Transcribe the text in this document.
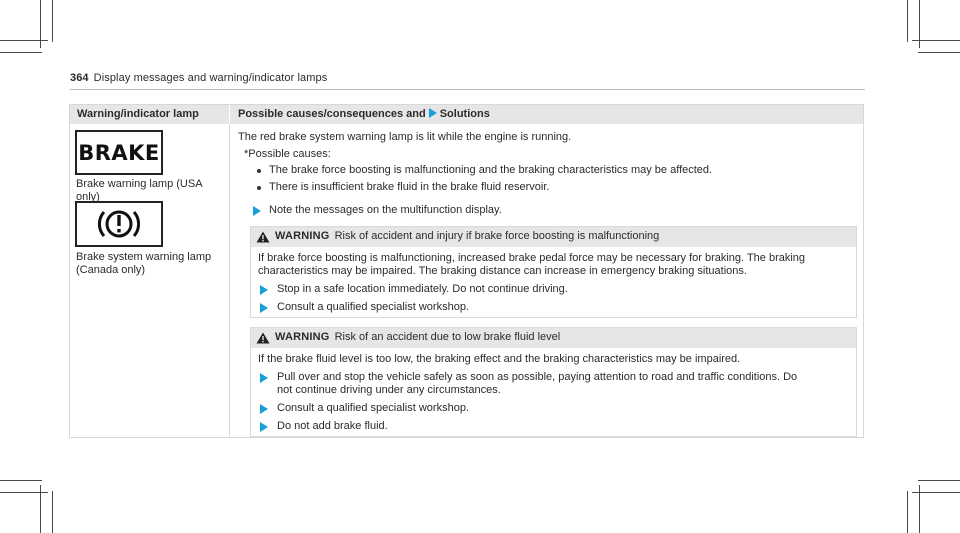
364 Display messages and warning/indicator lamps
Warning/indicator lamp	Possible causes/consequences and Solutions
BRAKE
Brake warning lamp (USA
only)
Brake system warning lamp
(Canada only)
The red brake system warning lamp is lit while the engine is running.
*Possible causes:
The brake force boosting is malfunctioning and the braking characteristics may be affected.
There is insufficient brake fluid in the brake fluid reservoir.
Note the messages on the multifunction display.
WARNING Risk of accident and injury if brake force boosting is malfunctioning
If brake force boosting is malfunctioning, increased brake pedal force may be necessary for braking. The braking
characteristics may be impaired. The braking distance can increase in emergency braking situations.
Stop in a safe location immediately. Do not continue driving.
Consult a qualified specialist workshop.
WARNING Risk of an accident due to low brake fluid level
If the brake fluid level is too low, the braking effect and the braking characteristics may be impaired.
Pull over and stop the vehicle safely as soon as possible, paying attention to road and traffic conditions. Do
not continue driving under any circumstances.
Consult a qualified specialist workshop.
Do not add brake fluid.
